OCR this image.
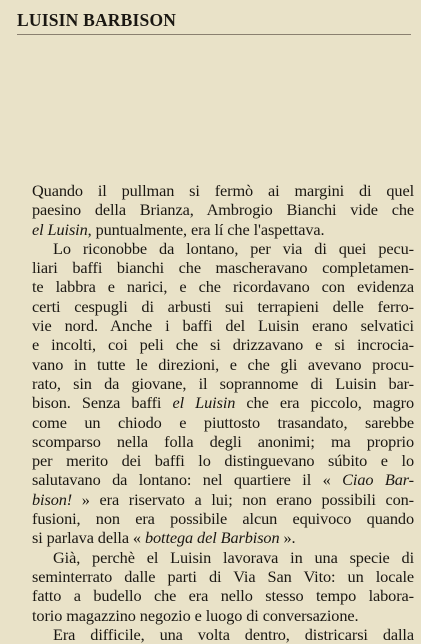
LUISIN BARBISON
Quando il pullman si fermò ai margini di quel
paesino della Brianza, Ambrogio Bianchi vide che
el Luisin, puntualmente, era lí che l'aspettava.
Lo riconobbe da lontano, per via di quei pecu-
liari baffi bianchi che mascheravano completamen-
te labbra e narici, e che ricordavano con evidenza
certi cespugli di arbusti sui terrapieni delle ferro-
vie nord. Anche i baffi del Luisin erano selvatici
e incolti, coi peli che si drizzavano e si incrocia-
vano in tutte le direzioni, e che gli avevano procu-
rato, sin da giovane, il soprannome di Luisin bar-
bison. Senza baffi el Luisin che era piccolo, magro
come un chiodo e piuttosto trasandato, sarebbe
scomparso nella folla degli anonimi; ma proprio
per merito dei baffi lo distinguevano súbito e lo
salutavano da lontano: nel quartiere il « Ciao Bar-
bison! » era riservato a lui; non erano possibili con-
fusioni, non era possibile alcun equivoco quando
si parlava della « bottega del Barbison ».
Già, perchè el Luisin lavorava in una specie di
seminterrato dalle parti di Via San Vito: un locale
fatto a budello che era nello stesso tempo labora-
torio magazzino negozio e luogo di conversazione.
Era difficile, una volta dentro, districarsi dalla
